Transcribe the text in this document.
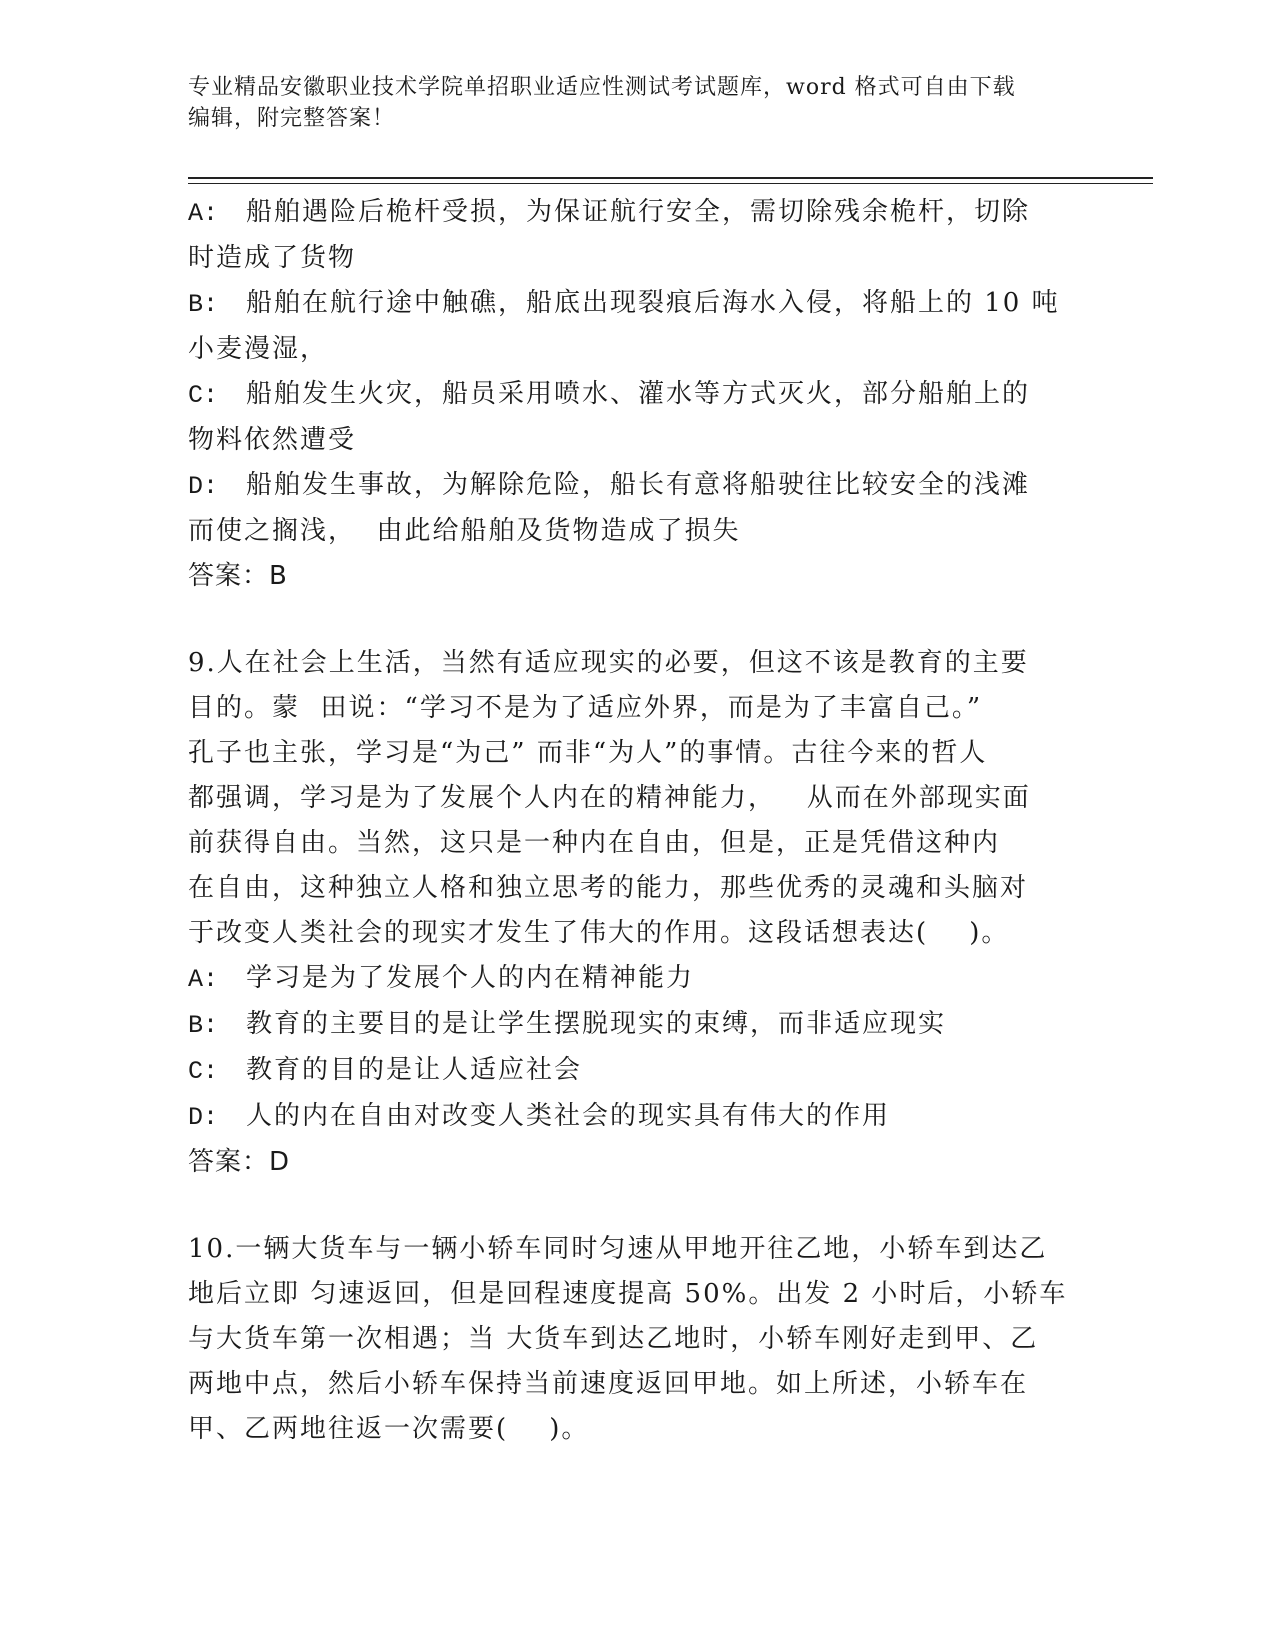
专业精品安徽职业技术学院单招职业适应性测试考试题库，word 格式可自由下载

编辑，附完整答案！

A: 船舶遇险后桅杆受损，为保证航行安全，需切除残余桅杆，切除
时造成了货物
B: 船舶在航行途中触礁，船底出现裂痕后海水入侵，将船上的 10 吨
小麦漫湿，
C: 船舶发生火灾，船员采用喷水、灌水等方式灭火，部分船舶上的
物料依然遭受
D: 船舶发生事故，为解除危险，船长有意将船驶往比较安全的浅滩
而使之搁浅，  由此给船舶及货物造成了损失
答案：B
9.人在社会上生活，当然有适应现实的必要，但这不该是教育的主要
目的。蒙  田说：“学习不是为了适应外界，而是为了丰富自己。”
孔子也主张，学习是“为己” 而非“为人”的事情。古往今来的哲人
都强调，学习是为了发展个人内在的精神能力，   从而在外部现实面
前获得自由。当然，这只是一种内在自由，但是，正是凭借这种内
在自由，这种独立人格和独立思考的能力，那些优秀的灵魂和头脑对
于改变人类社会的现实才发生了伟大的作用。这段话想表达(    )。
A: 学习是为了发展个人的内在精神能力
B: 教育的主要目的是让学生摆脱现实的束缚，而非适应现实
C: 教育的目的是让人适应社会
D: 人的内在自由对改变人类社会的现实具有伟大的作用
答案：D
10.一辆大货车与一辆小轿车同时匀速从甲地开往乙地，小轿车到达乙
地后立即 匀速返回，但是回程速度提高 50%。出发 2 小时后，小轿车
与大货车第一次相遇；当 大货车到达乙地时，小轿车刚好走到甲、乙
两地中点，然后小轿车保持当前速度返回甲地。如上所述，小轿车在
甲、乙两地往返一次需要(    )。
